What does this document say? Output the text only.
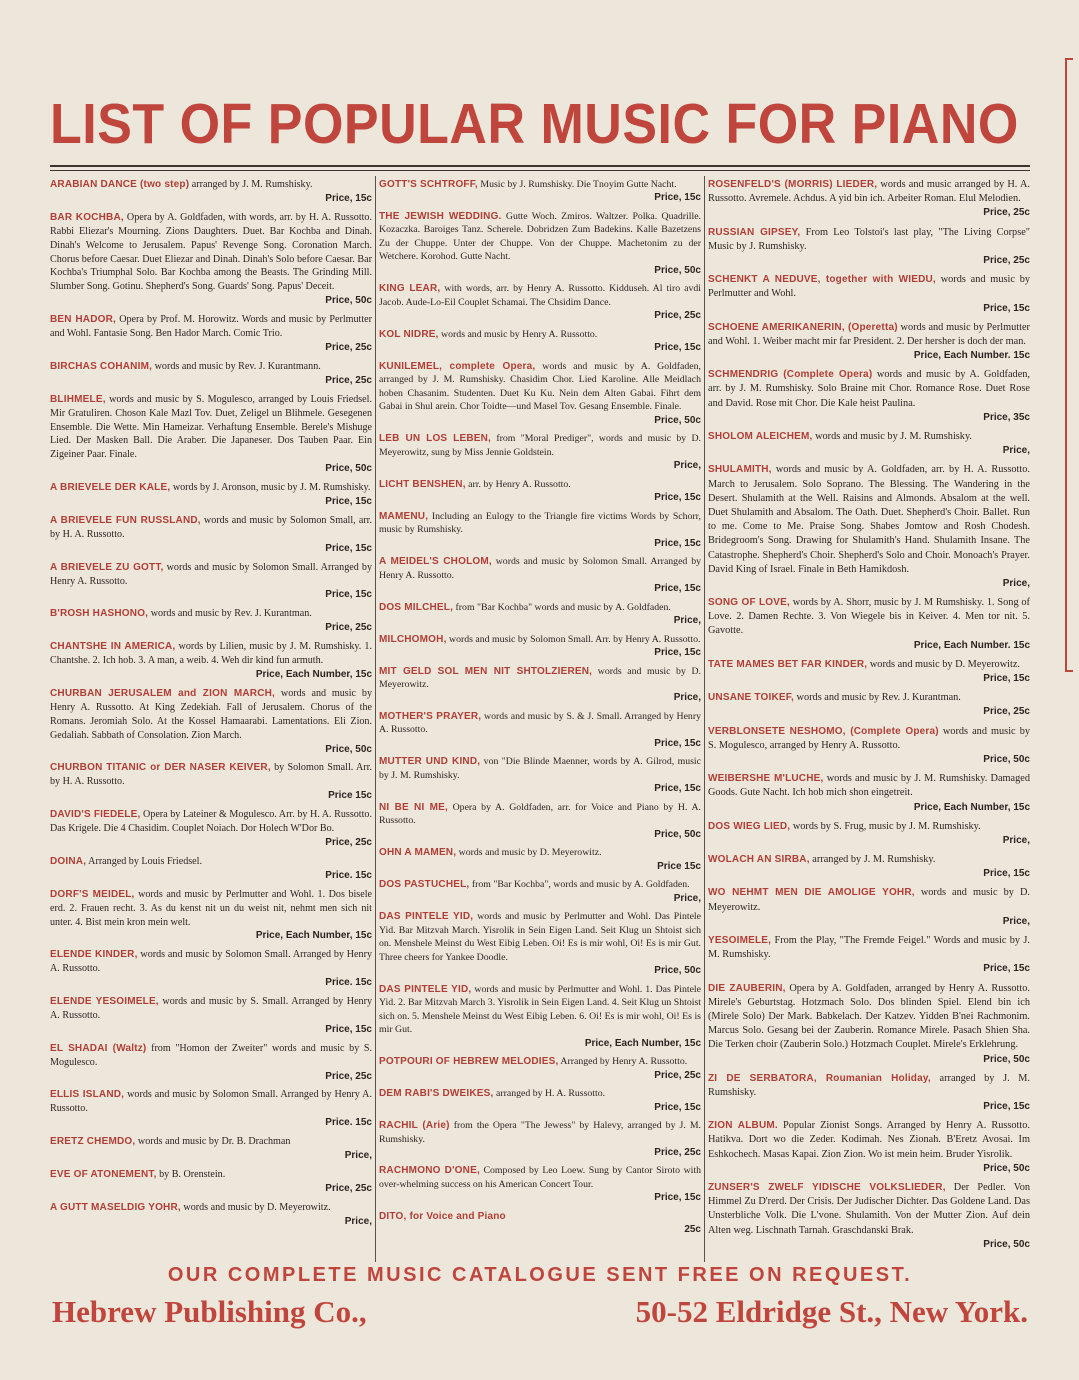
LIST OF POPULAR MUSIC FOR PIANO
ARABIAN DANCE (two step) arranged by J. M. Rumshisky.
Price, 15c
BAR KOCHBA, Opera by A. Goldfaden, with words, arr. by H. A. Russotto. Rabbi Eliezar's Mourning. Zions Daughters. Duet. Bar Kochba and Dinah. Dinah's Welcome to Jerusalem. Papus' Revenge Song. Coronation March. Chorus before Caesar. Duet Eliezar and Dinah. Dinah's Solo before Caesar. Bar Kochba's Triumphal Solo. Bar Kochba among the Beasts. The Grinding Mill. Slumber Song. Gotinu. Shepherd's Song. Guards' Song. Papus' Deceit.
Price, 50c
BEN HADOR, Opera by Prof. M. Horowitz. Words and music by Perlmutter and Wohl. Fantasie Song. Ben Hador March. Comic Trio.
Price, 25c
BIRCHAS COHANIM, words and music by Rev. J. Kurantmann.
Price, 25c
BLIHMELE, words and music by S. Mogulesco, arranged by Louis Friedsel. Mir Gratuliren. Choson Kale Mazl Tov. Duet, Zeligel un Blihmele. Gesegenen Ensemble. Die Wette. Min Hameizar. Verhaftung Ensemble. Berele's Mishuge Lied. Der Masken Ball. Die Araber. Die Japaneser. Dos Tauben Paar. Ein Zigeiner Paar. Finale.
Price, 50c
A BRIEVELE DER KALE, words by J. Aronson, music by J. M. Rumshisky.
Price, 15c
A BRIEVELE FUN RUSSLAND, words and music by Solomon Small, arr. by H. A. Russotto.
Price, 15c
A BRIEVELE ZU GOTT, words and music by Solomon Small. Arranged by Henry A. Russotto.
Price, 15c
B'ROSH HASHONO, words and music by Rev. J. Kurantman.
Price, 25c
CHANTSHE IN AMERICA, words by Lilien, music by J. M. Rumshisky. 1. Chantshe. 2. Ich hob. 3. A man, a weib. 4. Weh dir kind fun armuth.
Price, Each Number, 15c
CHURBAN JERUSALEM and ZION MARCH, words and music by Henry A. Russotto. At King Zedekiah. Fall of Jerusalem. Chorus of the Romans. Jeromiah Solo. At the Kossel Hamaarabi. Lamentations. Eli Zion. Gedaliah. Sabbath of Consolation. Zion March.
Price, 50c
CHURBON TITANIC or DER NASER KEIVER, by Solomon Small. Arr. by H. A. Russotto.
Price 15c
DAVID'S FIEDELE, Opera by Lateiner & Mogulesco. Arr. by H. A. Russotto. Das Krigele. Die 4 Chasidim. Couplet Noiach. Dor Holech W'Dor Bo.
Price, 25c
DOINA, Arranged by Louis Friedsel.
Price. 15c
DORF'S MEIDEL, words and music by Perlmutter and Wohl. 1. Dos bisele erd. 2. Frauen recht. 3. As du kenst nit un du weist nit, nehmt men sich nit unter. 4. Bist mein kron mein welt.
Price, Each Number, 15c
ELENDE KINDER, words and music by Solomon Small. Arranged by Henry A. Russotto.
Price. 15c
ELENDE YESOIMELE, words and music by S. Small. Arranged by Henry A. Russotto.
Price, 15c
EL SHADAI (Waltz) from "Homon der Zweiter" words and music by S. Mogulesco.
Price, 25c
ELLIS ISLAND, words and music by Solomon Small. Arranged by Henry A. Russotto.
Price. 15c
ERETZ CHEMDO, words and music by Dr. B. Drachman
Price,
EVE OF ATONEMENT, by B. Orenstein.
Price, 25c
A GUTT MASELDIG YOHR, words and music by D. Meyerowitz.
Price,
GOTT'S SCHTROFF, Music by J. Rumshisky. Die Tnoyim Gutte Nacht.
Price, 15c
THE JEWISH WEDDING. Gutte Woch. Zmiros. Waltzer. Polka. Quadrille. Kozaczka. Baroiges Tanz. Scherele. Dobridzen Zum Badekins. Kalle Bazetzens Zu der Chuppe. Unter der Chuppe. Von der Chuppe. Machetonim zu der Wetchere. Korohod. Gutte Nacht.
Price, 50c
KING LEAR, with words, arr. by Henry A. Russotto. Kidduseh. Al tiro avdi Jacob. Aude-Lo-Eil Couplet Schamai. The Chsidim Dance.
Price, 25c
KOL NIDRE, words and music by Henry A. Russotto.
Price, 15c
KUNILEMEL, complete Opera, words and music by A. Goldfaden, arranged by J. M. Rumshisky. Chasidim Chor. Lied Karoline. Alle Meidlach hoben Chasanim. Studenten. Duet Ku Ku. Nein dem Alten Gabai. Fihrt dem Gabai in Shul arein. Chor Toidte—und Masel Tov. Gesang Ensemble. Finale.
Price, 50c
LEB UN LOS LEBEN, from "Moral Prediger", words and music by D. Meyerowitz, sung by Miss Jennie Goldstein.
Price,
LICHT BENSHEN, arr. by Henry A. Russotto.
Price, 15c
MAMENU, Including an Eulogy to the Triangle fire victims Words by Schorr, music by Rumshisky.
Price, 15c
A MEIDEL'S CHOLOM, words and music by Solomon Small. Arranged by Henry A. Russotto.
Price, 15c
DOS MILCHEL, from "Bar Kochba" words and music by A. Goldfaden.
Price,
MILCHOMOH, words and music by Solomon Small. Arr. by Henry A. Russotto.
Price, 15c
MIT GELD SOL MEN NIT SHTOLZIEREN, words and music by D. Meyerowitz.
Price,
MOTHER'S PRAYER, words and music by S. & J. Small. Arranged by Henry A. Russotto.
Price, 15c
MUTTER UND KIND, von "Die Blinde Maenner, words by A. Gilrod, music by J. M. Rumshisky.
Price, 15c
NI BE NI ME, Opera by A. Goldfaden, arr. for Voice and Piano by H. A. Russotto.
Price, 50c
OHN A MAMEN, words and music by D. Meyerowitz.
Price 15c
DOS PASTUCHEL, from "Bar Kochba", words and music by A. Goldfaden.
Price,
DAS PINTELE YID, words and music by Perlmutter and Wohl. Das Pintele Yid. Bar Mitzvah March. Yisrolik in Sein Eigen Land. Seit Klug un Shtoist sich on. Menshele Meinst du West Eibig Leben. Oi! Es is mir wohl, Oi! Es is mir Gut. Three cheers for Yankee Doodle.
Price, 50c
DAS PINTELE YID, words and music by Perlmutter and Wohl. 1. Das Pintele Yid. 2. Bar Mitzvah March 3. Yisrolik in Sein Eigen Land. 4. Seit Klug un Shtoist sich on. 5. Menshele Meinst du West Eibig Leben. 6. Oi! Es is mir wohl, Oi! Es is mir Gut.
Price, Each Number, 15c
POTPOURI OF HEBREW MELODIES, Arranged by Henry A. Russotto.
Price, 25c
DEM RABI'S DWEIKES, arranged by H. A. Russotto.
Price, 15c
RACHIL (Arie) from the Opera "The Jewess" by Halevy, arranged by J. M. Rumshisky.
Price, 25c
RACHMONO D'ONE, Composed by Leo Loew. Sung by Cantor Siroto with over-whelming success on his American Concert Tour.
Price, 15c
DITO, for Voice and Piano
25c
ROSENFELD'S (MORRIS) LIEDER, words and music arranged by H. A. Russotto. Avremele. Achdus. A yid bin ich. Arbeiter Roman. Elul Melodien.
Price, 25c
RUSSIAN GIPSEY, From Leo Tolstoi's last play, "The Living Corpse" Music by J. Rumshisky.
Price, 25c
SCHENKT A NEDUVE, together with WIEDU, words and music by Perlmutter and Wohl.
Price, 15c
SCHOENE AMERIKANERIN, (Operetta) words and music by Perlmutter and Wohl. 1. Weiber macht mir far President. 2. Der hersher is doch der man.
Price, Each Number. 15c
SCHMENDRIG (Complete Opera) words and music by A. Goldfaden, arr. by J. M. Rumshisky. Solo Braine mit Chor. Romance Rose. Duet Rose and David. Rose mit Chor. Die Kale heist Paulina.
Price, 35c
SHOLOM ALEICHEM, words and music by J. M. Rumshisky.
Price,
SHULAMITH, words and music by A. Goldfaden, arr. by H. A. Russotto. March to Jerusalem. Solo Soprano. The Blessing. The Wandering in the Desert. Shulamith at the Well. Raisins and Almonds. Absalom at the well. Duet Shulamith and Absalom. The Oath. Duet. Shepherd's Choir. Ballet. Run to me. Come to Me. Praise Song. Shabes Jomtow and Rosh Chodesh. Bridegroom's Song. Drawing for Shulamith's Hand. Shulamith Insane. The Catastrophe. Shepherd's Choir. Shepherd's Solo and Choir. Monoach's Prayer. David King of Israel. Finale in Beth Hamikdosh.
Price,
SONG OF LOVE, words by A. Shorr, music by J. M Rumshisky. 1. Song of Love. 2. Damen Rechte. 3. Von Wiegele bis in Keiver. 4. Men tor nit. 5. Gavotte.
Price, Each Number. 15c
TATE MAMES BET FAR KINDER, words and music by D. Meyerowitz.
Price, 15c
UNSANE TOIKEF, words and music by Rev. J. Kurantman.
Price, 25c
VERBLONSETE NESHOMO, (Complete Opera) words and music by S. Mogulesco, arranged by Henry A. Russotto.
Price, 50c
WEIBERSHE M'LUCHE, words and music by J. M. Rumshisky. Damaged Goods. Gute Nacht. Ich hob mich shon eingetreit.
Price, Each Number, 15c
DOS WIEG LIED, words by S. Frug, music by J. M. Rumshisky.
Price,
WOLACH AN SIRBA, arranged by J. M. Rumshisky.
Price, 15c
WO NEHMT MEN DIE AMOLIGE YOHR, words and music by D. Meyerowitz.
Price,
YESOIMELE, From the Play, "The Fremde Feigel." Words and music by J. M. Rumshisky.
Price, 15c
DIE ZAUBERIN, Opera by A. Goldfaden, arranged by Henry A. Russotto. Mirele's Geburtstag. Hotzmach Solo. Dos blinden Spiel. Elend bin ich (Mirele Solo) Der Mark. Babkelach. Der Katzev. Yidden B'nei Rachmonim. Marcus Solo. Gesang bei der Zauberin. Romance Mirele. Pasach Shien Sha. Die Terken choir (Zauberin Solo.) Hotzmach Couplet. Mirele's Erklehrung.
Price, 50c
ZI DE SERBATORA, Roumanian Holiday, arranged by J. M. Rumshisky.
Price, 15c
ZION ALBUM. Popular Zionist Songs. Arranged by Henry A. Russotto. Hatikva. Dort wo die Zeder. Kodimah. Nes Zionah. B'Eretz Avosai. Im Eshkochech. Masas Kapai. Zion Zion. Wo ist mein heim. Bruder Yisrolik.
Price, 50c
ZUNSER'S ZWELF YIDISCHE VOLKSLIEDER, Der Pedler. Von Himmel Zu D'rerd. Der Crisis. Der Judischer Dichter. Das Goldene Land. Das Unsterbliche Volk. Die L'vone. Shulamith. Von der Mutter Zion. Auf dein Alten weg. Lischnath Tarnah. Graschdanski Brak.
Price, 50c

OUR COMPLETE MUSIC CATALOGUE SENT FREE ON REQUEST.

Hebrew Publishing Co.,	50-52 Eldridge St., New York.
